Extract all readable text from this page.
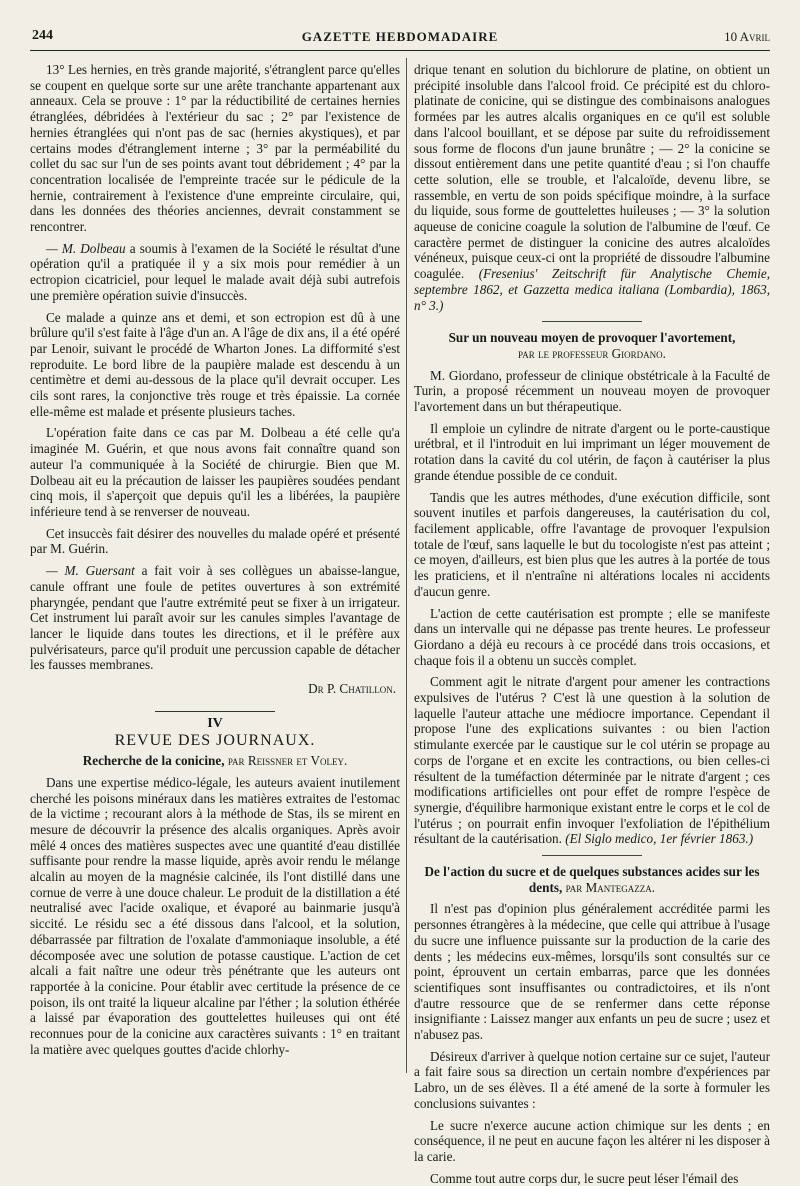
244	GAZETTE HEBDOMADAIRE	10 Avril

13° Les hernies, en très grande majorité, s'étranglent parce qu'elles se coupent en quelque sorte sur une arête tranchante appartenant aux anneaux. Cela se prouve : 1° par la réductibilité de certaines hernies étranglées, débridées à l'extérieur du sac ; 2° par l'existence de hernies étranglées qui n'ont pas de sac (hernies akystiques), et par certains modes d'étranglement interne ; 3° par la perméabilité du collet du sac sur l'un de ses points avant tout débridement ; 4° par la concentration localisée de l'empreinte tracée sur le pédicule de la hernie, contrairement à l'existence d'une empreinte circulaire, qui, dans les données des théories anciennes, devrait constamment se rencontrer.

— M. Dolbeau a soumis à l'examen de la Société le résultat d'une opération qu'il a pratiquée il y a six mois pour remédier à un ectropion cicatriciel, pour lequel le malade avait déjà subi autrefois une première opération suivie d'insuccès.

Ce malade a quinze ans et demi, et son ectropion est dû à une brûlure qu'il s'est faite à l'âge d'un an. A l'âge de dix ans, il a été opéré par Lenoir, suivant le procédé de Wharton Jones. La difformité s'est reproduite. Le bord libre de la paupière malade est descendu à un centimètre et demi au-dessous de la place qu'il devrait occuper. Les cils sont rares, la conjonctive très rouge et très épaissie. La cornée elle-même est malade et présente plusieurs taches.

L'opération faite dans ce cas par M. Dolbeau a été celle qu'a imaginée M. Guérin, et que nous avons fait connaître quand son auteur l'a communiquée à la Société de chirurgie. Bien que M. Dolbeau ait eu la précaution de laisser les paupières soudées pendant cinq mois, il s'aperçoit que depuis qu'il les a libérées, la paupière inférieure tend à se renverser de nouveau.

Cet insuccès fait désirer des nouvelles du malade opéré et présenté par M. Guérin.

— M. Guersant a fait voir à ses collègues un abaisse-langue, canule offrant une foule de petites ouvertures à son extrémité pharyngée, pendant que l'autre extrémité peut se fixer à un irrigateur. Cet instrument lui paraît avoir sur les canules simples l'avantage de lancer le liquide dans toutes les directions, et il le préfère aux pulvérisateurs, parce qu'il produit une percussion capable de détacher les fausses membranes.

Dr P. Chatillon.
IV
REVUE DES JOURNAUX.
Recherche de la conicine, par Reissner et Voley.

Dans une expertise médico-légale, les auteurs avaient inutilement cherché les poisons minéraux dans les matières extraites de l'estomac de la victime ; recourant alors à la méthode de Stas, ils se mirent en mesure de découvrir la présence des alcalis organiques. Après avoir mêlé 4 onces des matières suspectes avec une quantité d'eau distillée suffisante pour rendre la masse liquide, après avoir rendu le mélange alcalin au moyen de la magnésie calcinée, ils l'ont distillé dans une cornue de verre à une douce chaleur. Le produit de la distillation a été neutralisé avec l'acide oxalique, et évaporé au bainmarie jusqu'à siccité. Le résidu sec a été dissous dans l'alcool, et la solution, débarrassée par filtration de l'oxalate d'ammoniaque insoluble, a été décomposée avec une solution de potasse caustique. L'action de cet alcali a fait naître une odeur très pénétrante que les auteurs ont rapportée à la conicine. Pour établir avec certitude la présence de ce poison, ils ont traité la liqueur alcaline par l'éther ; la solution éthérée a laissé par évaporation des gouttelettes huileuses qui ont été reconnues pour de la conicine aux caractères suivants : 1° en traitant la matière avec quelques gouttes d'acide chlorhy-

drique tenant en solution du bichlorure de platine, on obtient un précipité insoluble dans l'alcool froid. Ce précipité est du chloro-platinate de conicine, qui se distingue des combinaisons analogues formées par les autres alcalis organiques en ce qu'il est soluble dans l'alcool bouillant, et se dépose par suite du refroidissement sous forme de flocons d'un jaune brunâtre ; — 2° la conicine se dissout entièrement dans une petite quantité d'eau ; si l'on chauffe cette solution, elle se trouble, et l'alcaloïde, devenu libre, se rassemble, en vertu de son poids spécifique moindre, à la surface du liquide, sous forme de gouttelettes huileuses ; — 3° la solution aqueuse de conicine coagule la solution de l'albumine de l'œuf. Ce caractère permet de distinguer la conicine des autres alcaloïdes vénéneux, puisque ceux-ci ont la propriété de dissoudre l'albumine coagulée. (Fresenius' Zeitschrift für Analytische Chemie, septembre 1862, et Gazzetta medica italiana (Lombardia), 1863, n° 3.)

Sur un nouveau moyen de provoquer l'avortement,
par le professeur Giordano.

M. Giordano, professeur de clinique obstétricale à la Faculté de Turin, a proposé récemment un nouveau moyen de provoquer l'avortement dans un but thérapeutique.

Il emploie un cylindre de nitrate d'argent ou le porte-caustique urétbral, et il l'introduit en lui imprimant un léger mouvement de rotation dans la cavité du col utérin, de façon à cautériser la plus grande étendue possible de ce conduit.

Tandis que les autres méthodes, d'une exécution difficile, sont souvent inutiles et parfois dangereuses, la cautérisation du col, facilement applicable, offre l'avantage de provoquer l'expulsion totale de l'œuf, sans laquelle le but du tocologiste n'est pas atteint ; ce moyen, d'ailleurs, est bien plus que les autres à la portée de tous les praticiens, et il n'entraîne ni altérations locales ni accidents d'aucun genre.

L'action de cette cautérisation est prompte ; elle se manifeste dans un intervalle qui ne dépasse pas trente heures. Le professeur Giordano a déjà eu recours à ce procédé dans trois occasions, et chaque fois il a obtenu un succès complet.

Comment agit le nitrate d'argent pour amener les contractions expulsives de l'utérus ? C'est là une question à la solution de laquelle l'auteur attache une médiocre importance. Cependant il propose l'une des explications suivantes : ou bien l'action stimulante exercée par le caustique sur le col utérin se propage au corps de l'organe et en excite les contractions, ou bien celles-ci résultent de la tuméfaction déterminée par le nitrate d'argent ; ces modifications artificielles ont pour effet de rompre l'espèce de synergie, d'équilibre harmonique existant entre le corps et le col de l'utérus ; on pourrait enfin invoquer l'exfoliation de l'épithélium résultant de la cautérisation. (El Siglo medico, 1er février 1863.)

De l'action du sucre et de quelques substances acides sur les dents, par Mantegazza.

Il n'est pas d'opinion plus généralement accréditée parmi les personnes étrangères à la médecine, que celle qui attribue à l'usage du sucre une influence puissante sur la production de la carie des dents ; les médecins eux-mêmes, lorsqu'ils sont consultés sur ce point, éprouvent un certain embarras, parce que les données scientifiques sont insuffisantes ou contradictoires, et ils n'ont d'autre ressource que de se renfermer dans cette réponse insignifiante : Laissez manger aux enfants un peu de sucre ; usez et n'abusez pas.

Désireux d'arriver à quelque notion certaine sur ce sujet, l'auteur a fait faire sous sa direction un certain nombre d'expériences par Labro, un de ses élèves. Il a été amené de la sorte à formuler les conclusions suivantes :

Le sucre n'exerce aucune action chimique sur les dents ; en conséquence, il ne peut en aucune façon les altérer ni les disposer à la carie.

Comme tout autre corps dur, le sucre peut léser l'émail des
